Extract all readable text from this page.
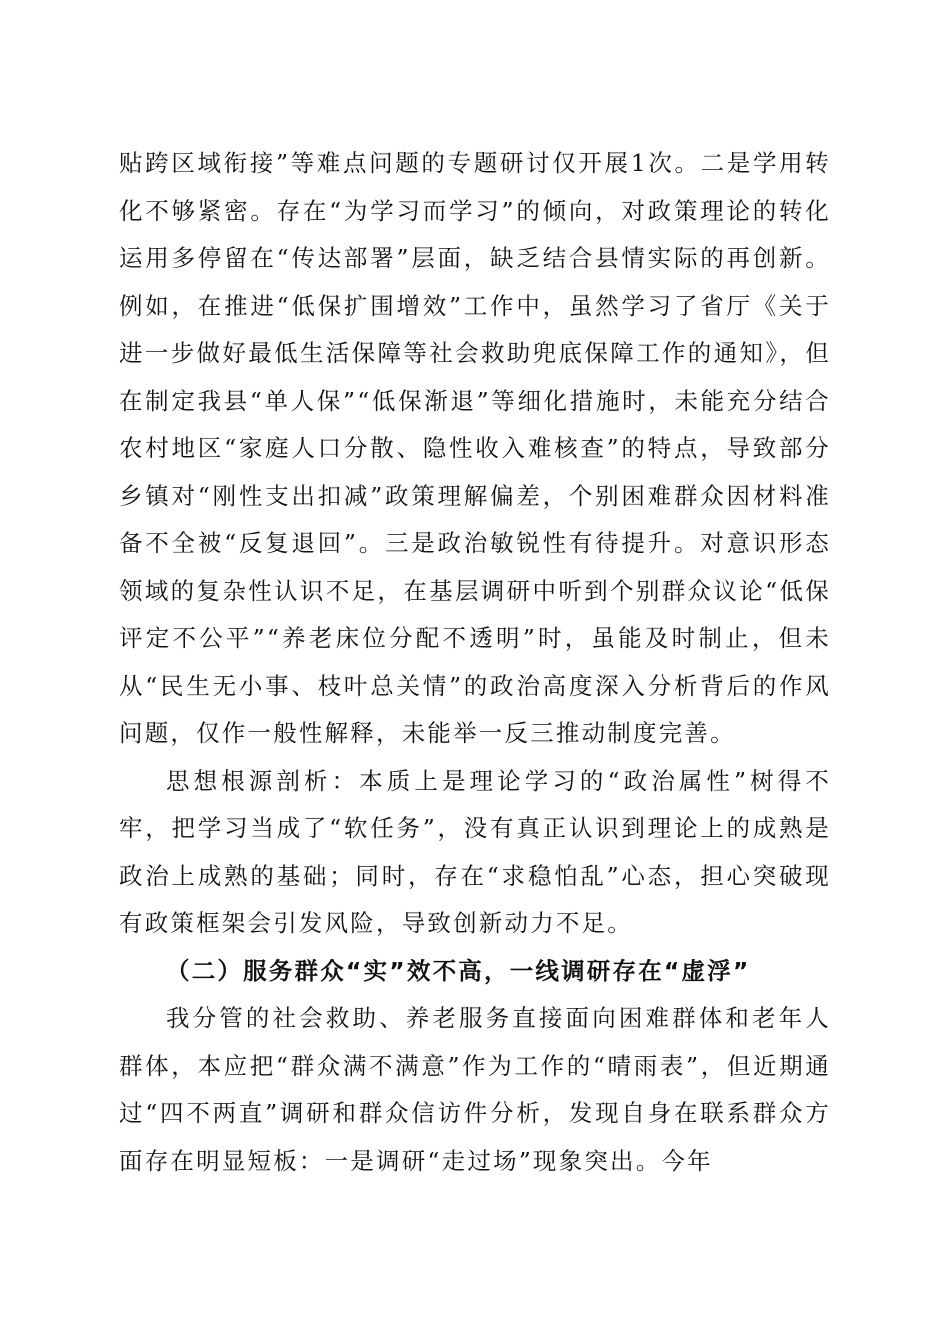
贴跨区域衔接”等难点问题的专题研讨仅开展1次。二是学用转化不够紧密。存在“为学习而学习”的倾向，对政策理论的转化运用多停留在“传达部署”层面，缺乏结合县情实际的再创新。例如，在推进“低保扩围增效”工作中，虽然学习了省厅《关于进一步做好最低生活保障等社会救助兜底保障工作的通知》，但在制定我县“单人保”“低保渐退”等细化措施时，未能充分结合农村地区“家庭人口分散、隐性收入难核查”的特点，导致部分乡镇对“刚性支出扣减”政策理解偏差，个别困难群众因材料准备不全被“反复退回”。三是政治敏锐性有待提升。对意识形态领域的复杂性认识不足，在基层调研中听到个别群众议论“低保评定不公平”“养老床位分配不透明”时，虽能及时制止，但未从“民生无小事、枝叶总关情”的政治高度深入分析背后的作风问题，仅作一般性解释，未能举一反三推动制度完善。

思想根源剖析：本质上是理论学习的“政治属性”树得不牢，把学习当成了“软任务”，没有真正认识到理论上的成熟是政治上成熟的基础；同时，存在“求稳怕乱”心态，担心突破现有政策框架会引发风险，导致创新动力不足。

（二）服务群众“实”效不高，一线调研存在“虚浮”

我分管的社会救助、养老服务直接面向困难群体和老年人群体，本应把“群众满不满意”作为工作的“晴雨表”，但近期通过“四不两直”调研和群众信访件分析，发现自身在联系群众方面存在明显短板：一是调研“走过场”现象突出。今年
